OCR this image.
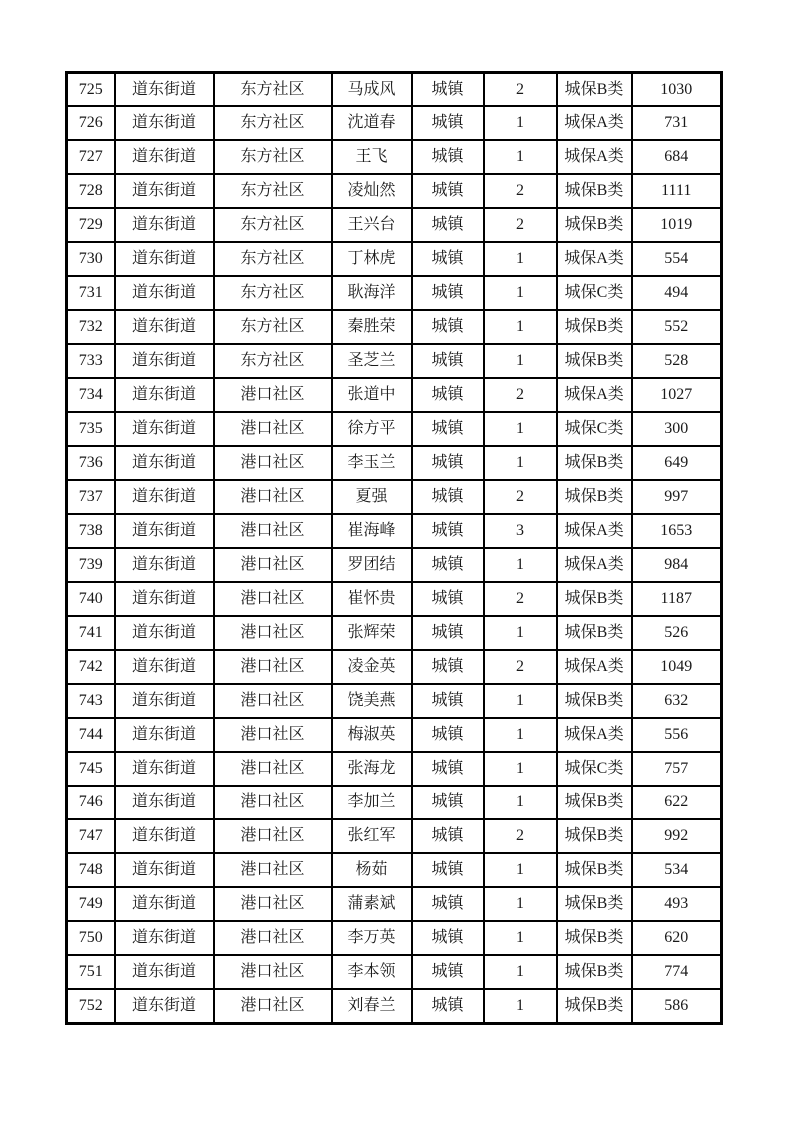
725	道东街道	东方社区	马成风	城镇	2	城保B类	1030
726	道东街道	东方社区	沈道春	城镇	1	城保A类	731
727	道东街道	东方社区	王飞	城镇	1	城保A类	684
728	道东街道	东方社区	凌灿然	城镇	2	城保B类	1111
729	道东街道	东方社区	王兴台	城镇	2	城保B类	1019
730	道东街道	东方社区	丁林虎	城镇	1	城保A类	554
731	道东街道	东方社区	耿海洋	城镇	1	城保C类	494
732	道东街道	东方社区	秦胜荣	城镇	1	城保B类	552
733	道东街道	东方社区	圣芝兰	城镇	1	城保B类	528
734	道东街道	港口社区	张道中	城镇	2	城保A类	1027
735	道东街道	港口社区	徐方平	城镇	1	城保C类	300
736	道东街道	港口社区	李玉兰	城镇	1	城保B类	649
737	道东街道	港口社区	夏强	城镇	2	城保B类	997
738	道东街道	港口社区	崔海峰	城镇	3	城保A类	1653
739	道东街道	港口社区	罗团结	城镇	1	城保A类	984
740	道东街道	港口社区	崔怀贵	城镇	2	城保B类	1187
741	道东街道	港口社区	张辉荣	城镇	1	城保B类	526
742	道东街道	港口社区	凌金英	城镇	2	城保A类	1049
743	道东街道	港口社区	饶美燕	城镇	1	城保B类	632
744	道东街道	港口社区	梅淑英	城镇	1	城保A类	556
745	道东街道	港口社区	张海龙	城镇	1	城保C类	757
746	道东街道	港口社区	李加兰	城镇	1	城保B类	622
747	道东街道	港口社区	张红军	城镇	2	城保B类	992
748	道东街道	港口社区	杨茹	城镇	1	城保B类	534
749	道东街道	港口社区	蒲素斌	城镇	1	城保B类	493
750	道东街道	港口社区	李万英	城镇	1	城保B类	620
751	道东街道	港口社区	李本领	城镇	1	城保B类	774
752	道东街道	港口社区	刘春兰	城镇	1	城保B类	586
